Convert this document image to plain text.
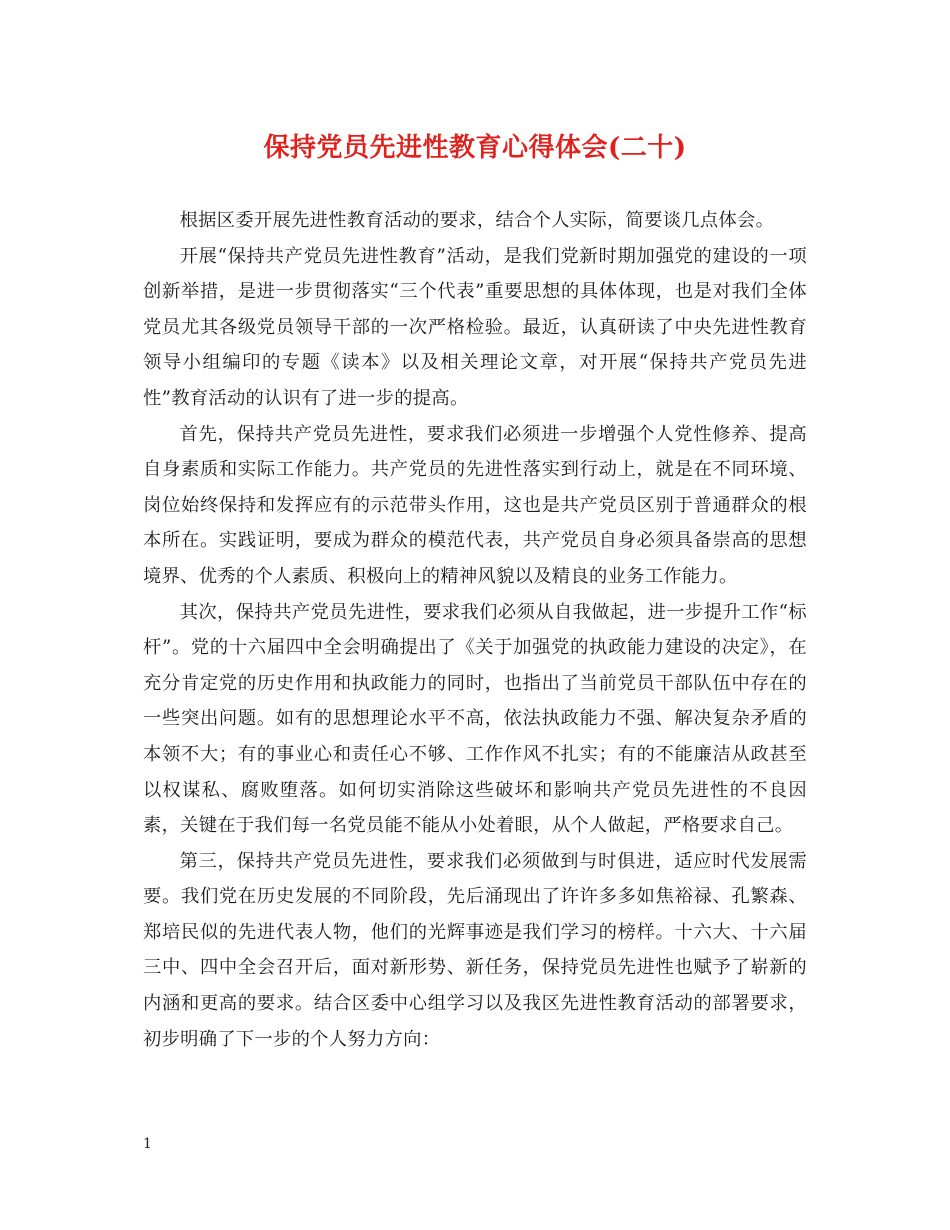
保持党员先进性教育心得体会(二十)

根据区委开展先进性教育活动的要求，结合个人实际，简要谈几点体会。

开展“保持共产党员先进性教育”活动，是我们党新时期加强党的建设的一项创新举措，是进一步贯彻落实“三个代表”重要思想的具体体现，也是对我们全体党员尤其各级党员领导干部的一次严格检验。最近，认真研读了中央先进性教育领导小组编印的专题《读本》以及相关理论文章，对开展“保持共产党员先进性”教育活动的认识有了进一步的提高。

首先，保持共产党员先进性，要求我们必须进一步增强个人党性修养、提高自身素质和实际工作能力。共产党员的先进性落实到行动上，就是在不同环境、岗位始终保持和发挥应有的示范带头作用，这也是共产党员区别于普通群众的根本所在。实践证明，要成为群众的模范代表，共产党员自身必须具备崇高的思想境界、优秀的个人素质、积极向上的精神风貌以及精良的业务工作能力。

其次，保持共产党员先进性，要求我们必须从自我做起，进一步提升工作“标杆”。党的十六届四中全会明确提出了《关于加强党的执政能力建设的决定》，在充分肯定党的历史作用和执政能力的同时，也指出了当前党员干部队伍中存在的一些突出问题。如有的思想理论水平不高，依法执政能力不强、解决复杂矛盾的本领不大；有的事业心和责任心不够、工作作风不扎实；有的不能廉洁从政甚至以权谋私、腐败堕落。如何切实消除这些破坏和影响共产党员先进性的不良因素，关键在于我们每一名党员能不能从小处着眼，从个人做起，严格要求自己。

第三，保持共产党员先进性，要求我们必须做到与时俱进，适应时代发展需要。我们党在历史发展的不同阶段，先后涌现出了许许多多如焦裕禄、孔繁森、郑培民似的先进代表人物，他们的光辉事迹是我们学习的榜样。十六大、十六届三中、四中全会召开后，面对新形势、新任务，保持党员先进性也赋予了崭新的内涵和更高的要求。结合区委中心组学习以及我区先进性教育活动的部署要求，初步明确了下一步的个人努力方向：

1
